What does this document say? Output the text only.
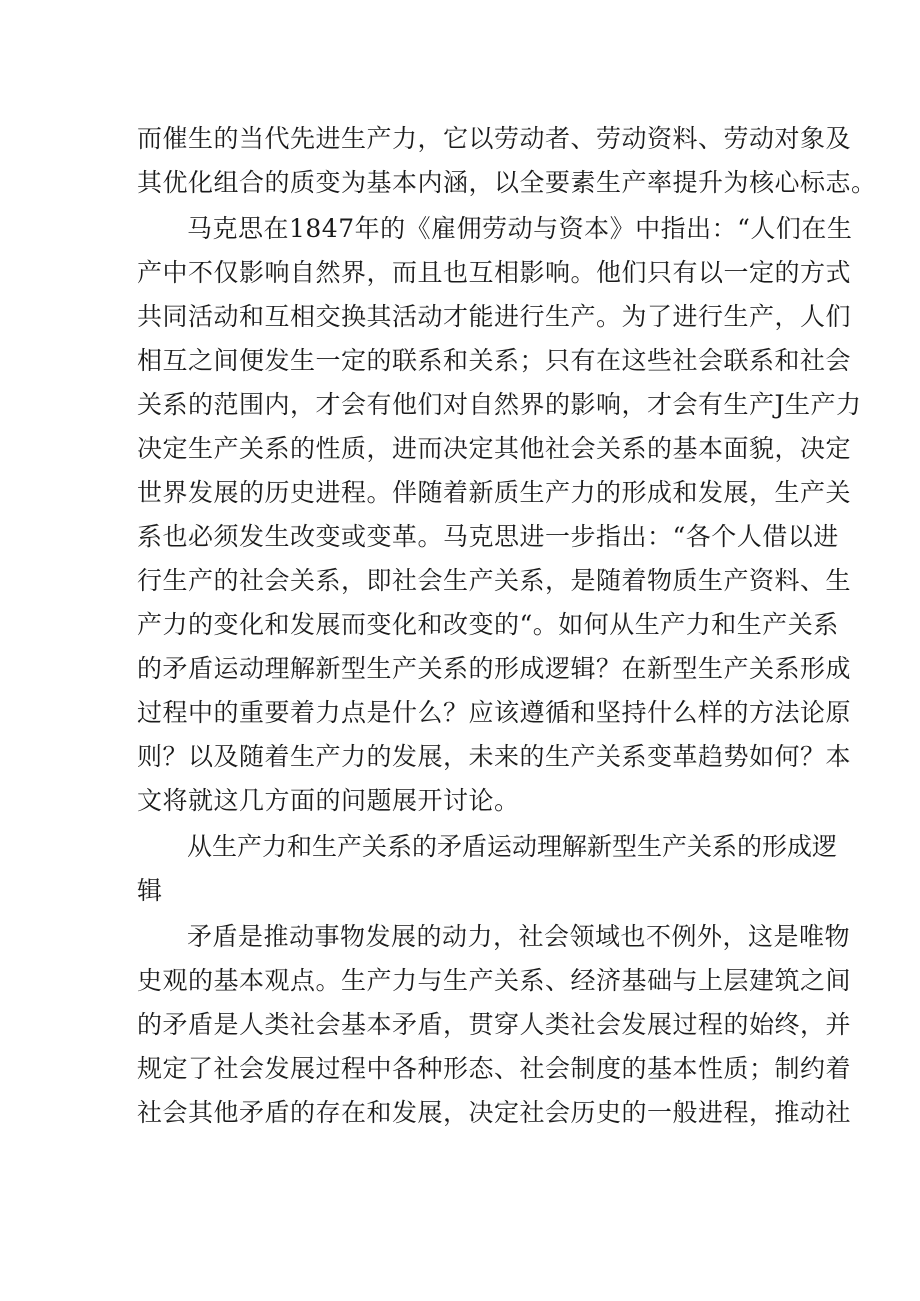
而催生的当代先进生产力，它以劳动者、劳动资料、劳动对象及
其优化组合的质变为基本内涵，以全要素生产率提升为核心标志。
马克思在1847年的《雇佣劳动与资本》中指出：“人们在生
产中不仅影响自然界，而且也互相影响。他们只有以一定的方式
共同活动和互相交换其活动才能进行生产。为了进行生产，人们
相互之间便发生一定的联系和关系；只有在这些社会联系和社会
关系的范围内，才会有他们对自然界的影响，才会有生产J生产力
决定生产关系的性质，进而决定其他社会关系的基本面貌，决定
世界发展的历史进程。伴随着新质生产力的形成和发展，生产关
系也必须发生改变或变革。马克思进一步指出：“各个人借以进
行生产的社会关系，即社会生产关系，是随着物质生产资料、生
产力的变化和发展而变化和改变的“。如何从生产力和生产关系
的矛盾运动理解新型生产关系的形成逻辑？在新型生产关系形成
过程中的重要着力点是什么？应该遵循和坚持什么样的方法论原
则？以及随着生产力的发展，未来的生产关系变革趋势如何？本
文将就这几方面的问题展开讨论。
从生产力和生产关系的矛盾运动理解新型生产关系的形成逻
辑
矛盾是推动事物发展的动力，社会领域也不例外，这是唯物
史观的基本观点。生产力与生产关系、经济基础与上层建筑之间
的矛盾是人类社会基本矛盾，贯穿人类社会发展过程的始终，并
规定了社会发展过程中各种形态、社会制度的基本性质；制约着
社会其他矛盾的存在和发展，决定社会历史的一般进程，推动社
